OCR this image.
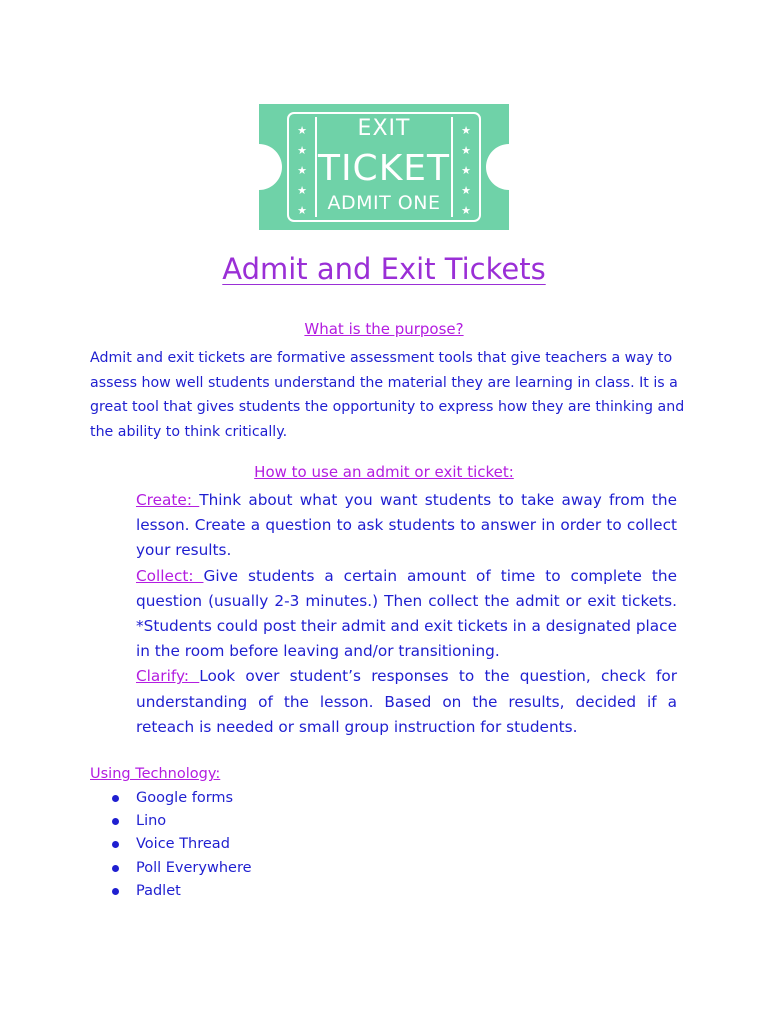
★
★
★
★
★
★
★
★
★
★
EXIT
TICKET
ADMIT ONE
Admit and Exit Tickets
What is the purpose?
Admit and exit tickets are formative assessment tools that give teachers a way to assess how well students understand the material they are learning in class. It is a great tool that gives students the opportunity to express how they are thinking and the ability to think critically.
How to use an admit or exit ticket:

Create: Think about what you want students to take away from the lesson. Create a question to ask students to answer in order to collect your results.

Collect: Give students a certain amount of time to complete the question (usually 2-3 minutes.) Then collect the admit or exit tickets. *Students could post their admit and exit tickets in a designated place in the room before leaving and/or transitioning.

Clarify: Look over student’s responses to the question, check for understanding of the lesson. Based on the results, decided if a reteach is needed or small group instruction for students.

Using Technology:
Google forms
Lino
Voice Thread
Poll Everywhere
Padlet
